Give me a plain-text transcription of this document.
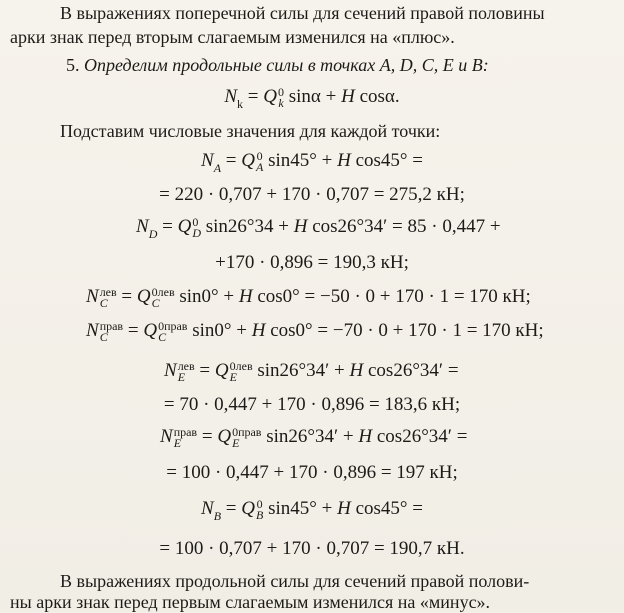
В выражениях поперечной силы для сечений правой половины
арки знак перед вторым слагаемым изменился на «плюс».
5. Определим продольные силы в точках A, D, C, E и B:
$N_k = Q$ 0
k sinα + H cosα.
Подставим числовые значения для каждой точки:
$N_A = Q$ 0
A sin45° + H cos45° =
= 220 · 0,707 + 170 · 0,707 = 275,2 кН;
$N_D = Q$ 0
D sin26°34 + H cos26°34′ = 85 · 0,447 +
+170 · 0,896 = 190,3 кН;
N лев
C = Q 0лев
C sin0° + H cos0° = −50 · 0 + 170 · 1 = 170 кН;
N прав
C = Q 0прав
C	sin0° + H cos0° = −70 · 0 + 170 · 1 = 170 кН;
N лев
E = Q 0лев
E sin26°34′ + H cos26°34′ =
= 70 · 0,447 + 170 · 0,896 = 183,6 кН;
N прав
E = Q 0прав
E	sin26°34′ + H cos26°34′ =
= 100 · 0,447 + 170 · 0,896 = 197 кН;
$N_B = Q$ 0
B sin45° + H cos45° =
= 100 · 0,707 + 170 · 0,707 = 190,7 кН.
В выражениях продольной силы для сечений правой полови-
ны арки знак перед первым слагаемым изменился на «минус».
